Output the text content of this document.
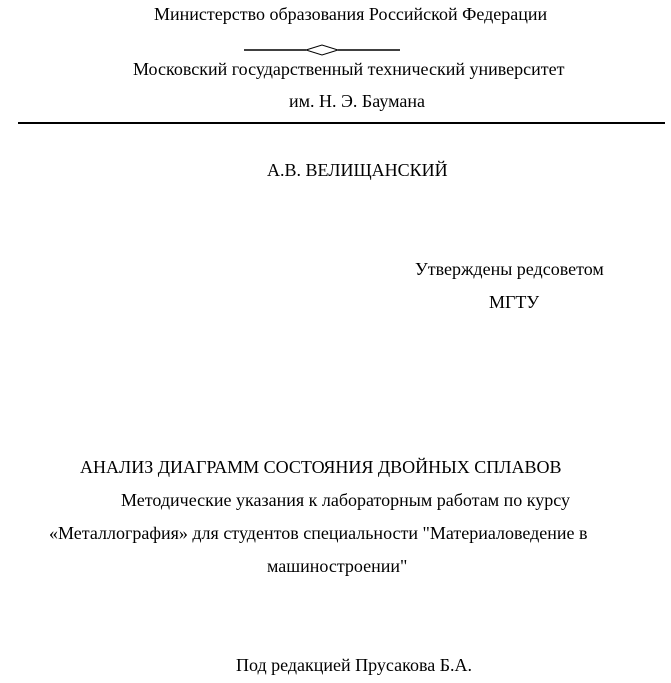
Министерство образования Российской Федерации
Московский государственный технический университет
им. Н. Э. Баумана
А.В. ВЕЛИЩАНСКИЙ
Утверждены редсоветом
МГТУ
АНАЛИЗ ДИАГРАММ СОСТОЯНИЯ ДВОЙНЫХ СПЛАВОВ
Методические указания к лабораторным работам по курсу
«Металлография» для студентов специальности "Материаловедение в
машиностроении"
Под редакцией Прусакова Б.А.
